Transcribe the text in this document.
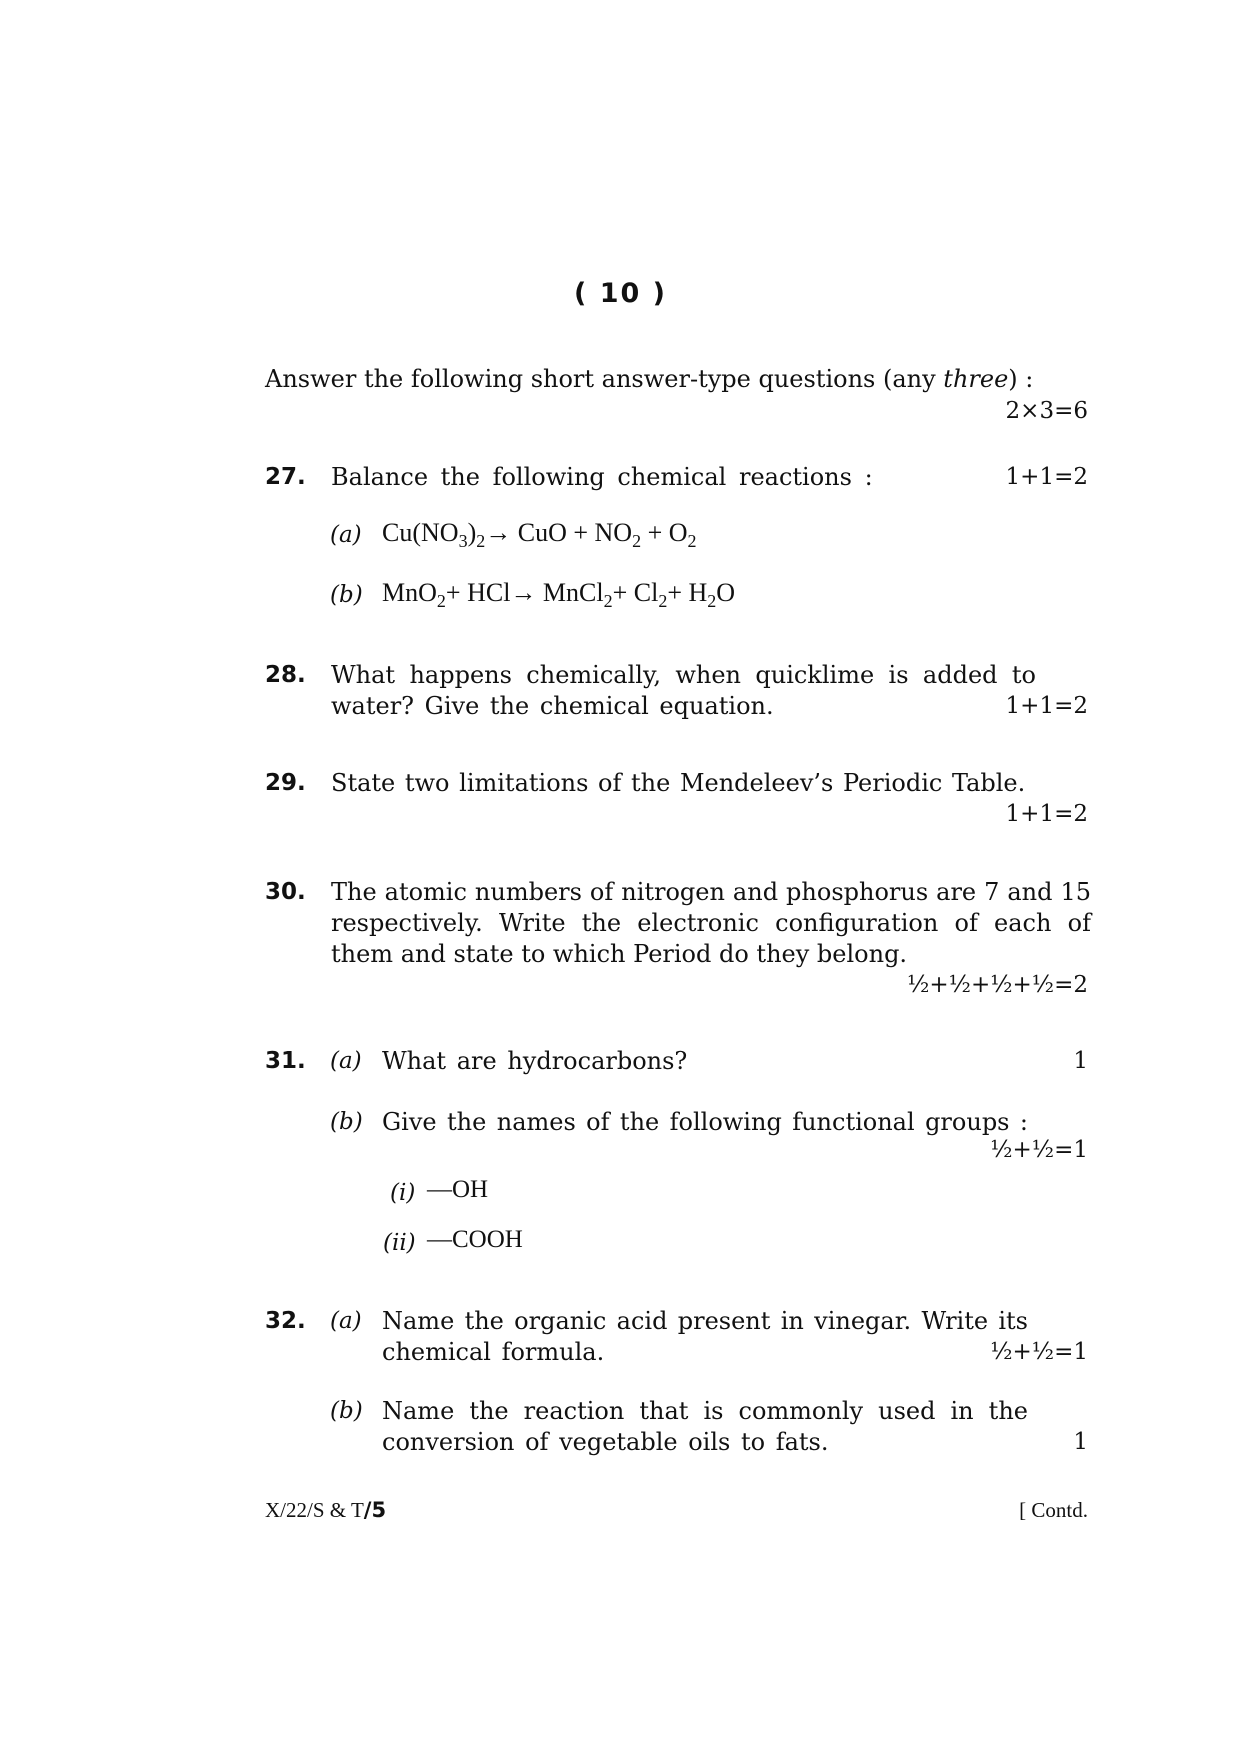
( 10 )
Answer the following short answer-type questions (any three) :
2×3=6
27.	Balance the following chemical reactions :	1+1=2
(a) $Cu(NO_3)_2\to$ CuO + $NO_2 + O_2$
(b) MnO$_2$+ HCl→ MnCl$_2$+ $Cl_2+ H_2O$
28.	What happens chemically, when quicklime is added to
water? Give the chemical equation.	1+1=2
29.	State two limitations of the Mendeleev’s Periodic Table.
1+1=2
30.	The atomic numbers of nitrogen and phosphorus are 7 and 15 respectively. Write the electronic configuration of each of them and state to which Period do they belong.
½+½+½+½=2
31.	1
(a) What are hydrocarbons?
(b) Give the names of the following functional groups :
½+½=1
(i) —OH
(ii) —COOH
32.
½+½=1
(a) Name the organic acid present in vinegar. Write its
chemical formula.
(b) Name the reaction that is commonly used in the
conversion of vegetable oils to fats.	1
X/22/S & T/5	[ Contd.
